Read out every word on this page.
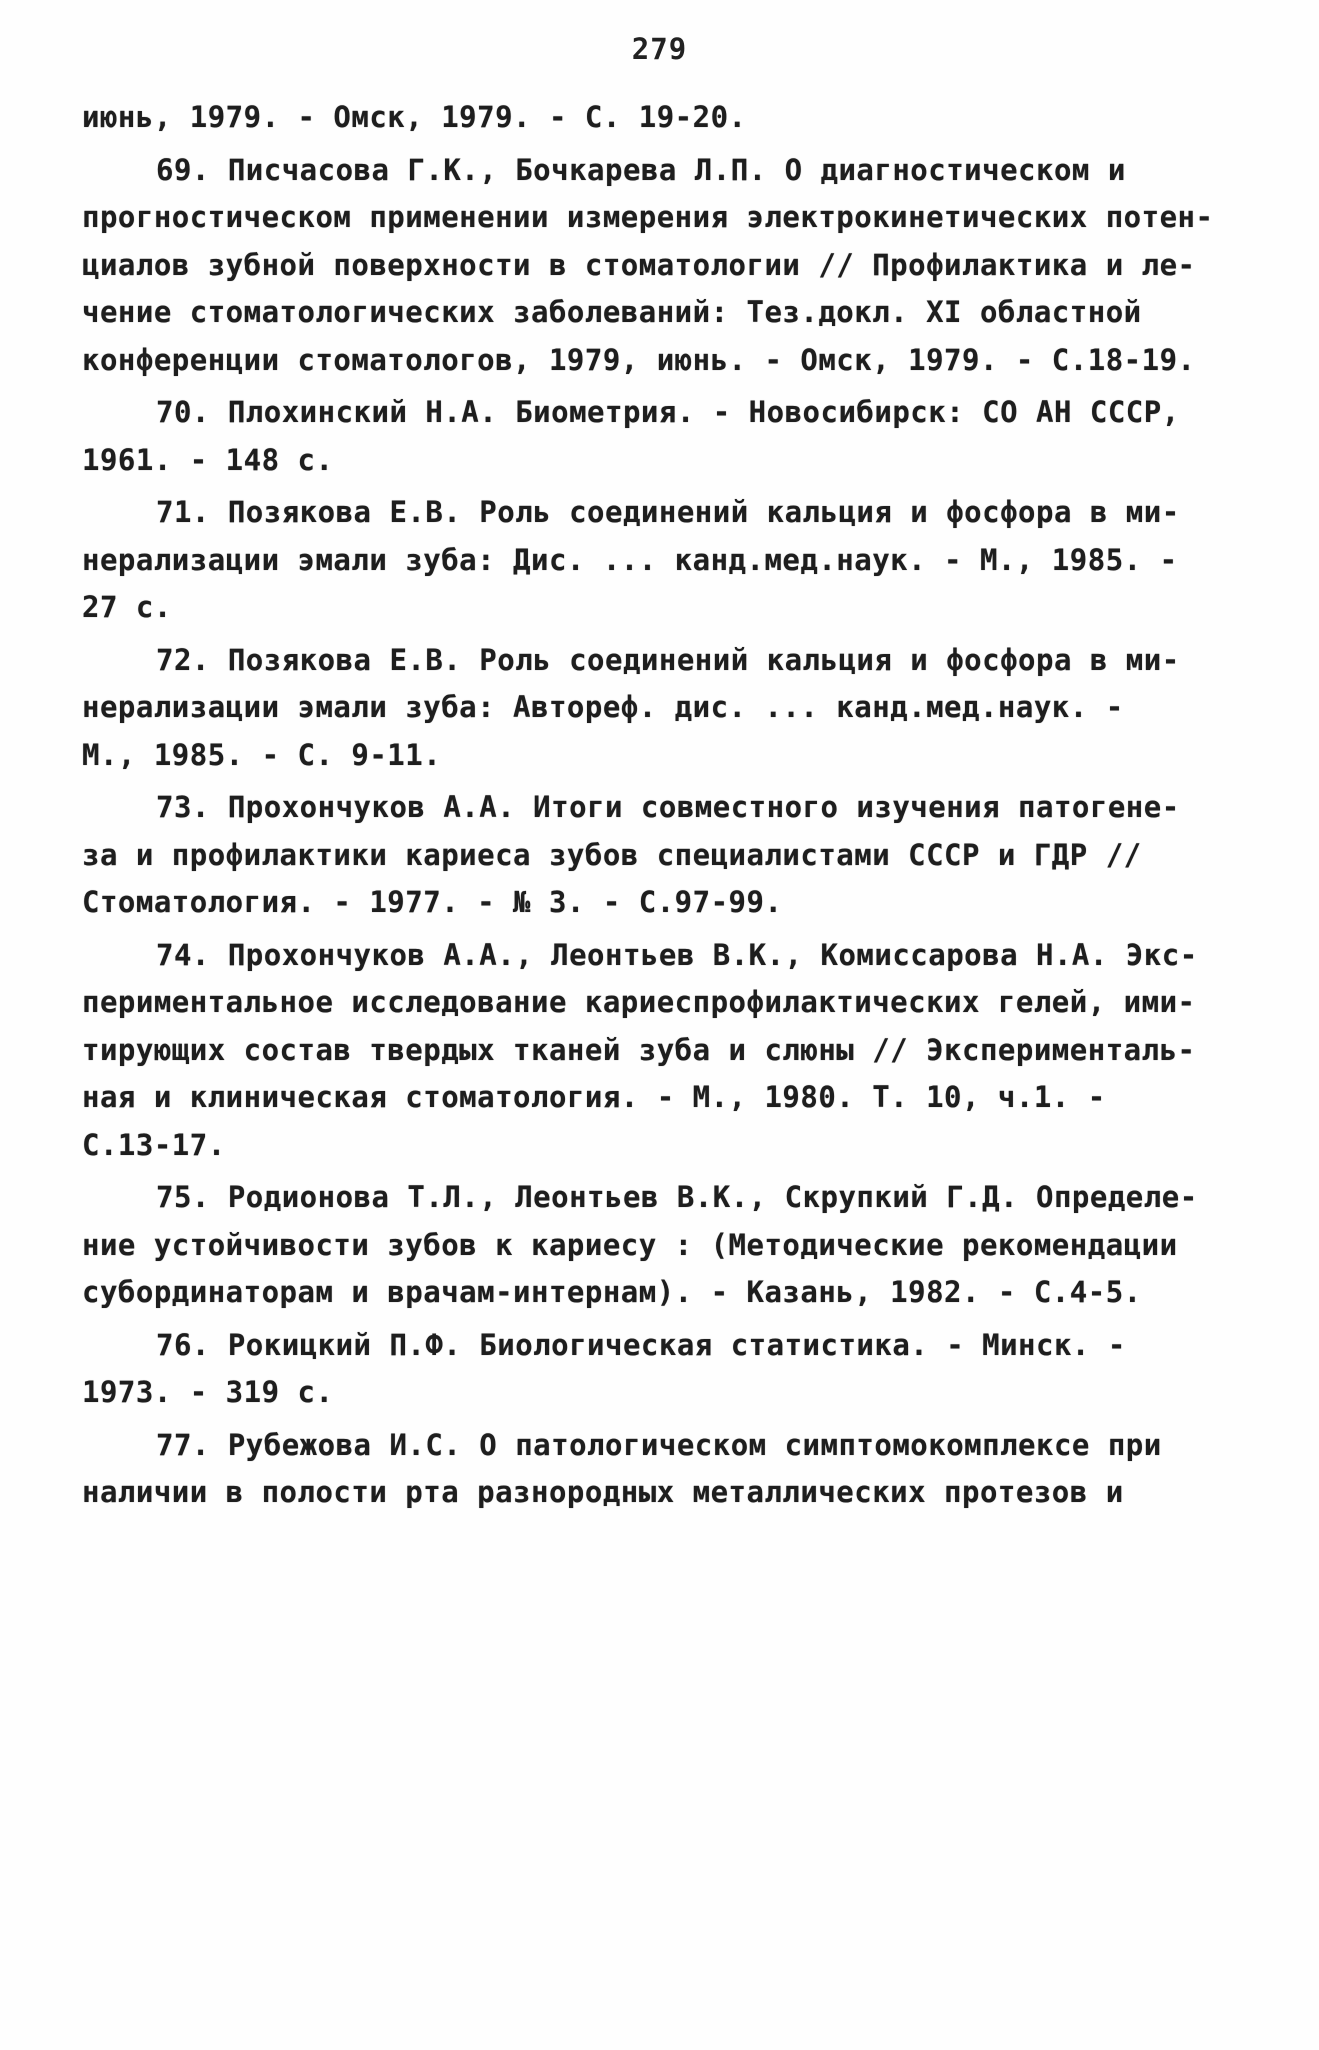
279
июнь, 1979. - Омск, 1979. - С. 19-20.
69. Писчасова Г.К., Бочкарева Л.П. О диагностическом и
прогностическом применении измерения электрокинетических потен-
циалов зубной поверхности в стоматологии // Профилактика и ле-
чение стоматологических заболеваний: Тез.докл. XI областной
конференции стоматологов, 1979, июнь. - Омск, 1979. - С.18-19.
70. Плохинский Н.А. Биометрия. - Новосибирск: СО АН СССР,
1961. - 148 с.
71. Позякова Е.В. Роль соединений кальция и фосфора в ми-
нерализации эмали зуба: Дис. ... канд.мед.наук. - М., 1985. -
27 с.
72. Позякова Е.В. Роль соединений кальция и фосфора в ми-
нерализации эмали зуба: Автореф. дис. ... канд.мед.наук. -
М., 1985. - С. 9-11.
73. Прохончуков А.А. Итоги совместного изучения патогене-
за и профилактики кариеса зубов специалистами СССР и ГДР //
Стоматология. - 1977. - № 3. - С.97-99.
74. Прохончуков А.А., Леонтьев В.К., Комиссарова Н.А. Экс-
периментальное исследование кариеспрофилактических гелей, ими-
тирующих состав твердых тканей зуба и слюны // Эксперименталь-
ная и клиническая стоматология. - М., 1980. Т. 10, ч.1. -
С.13-17.
75. Родионова Т.Л., Леонтьев В.К., Скрупкий Г.Д. Определе-
ние устойчивости зубов к кариесу : (Методические рекомендации
субординаторам и врачам-интернам). - Казань, 1982. - С.4-5.
76. Рокицкий П.Ф. Биологическая статистика. - Минск. -
1973. - 319 с.
77. Рубежова И.С. О патологическом симптомокомплексе при
наличии в полости рта разнородных металлических протезов и
